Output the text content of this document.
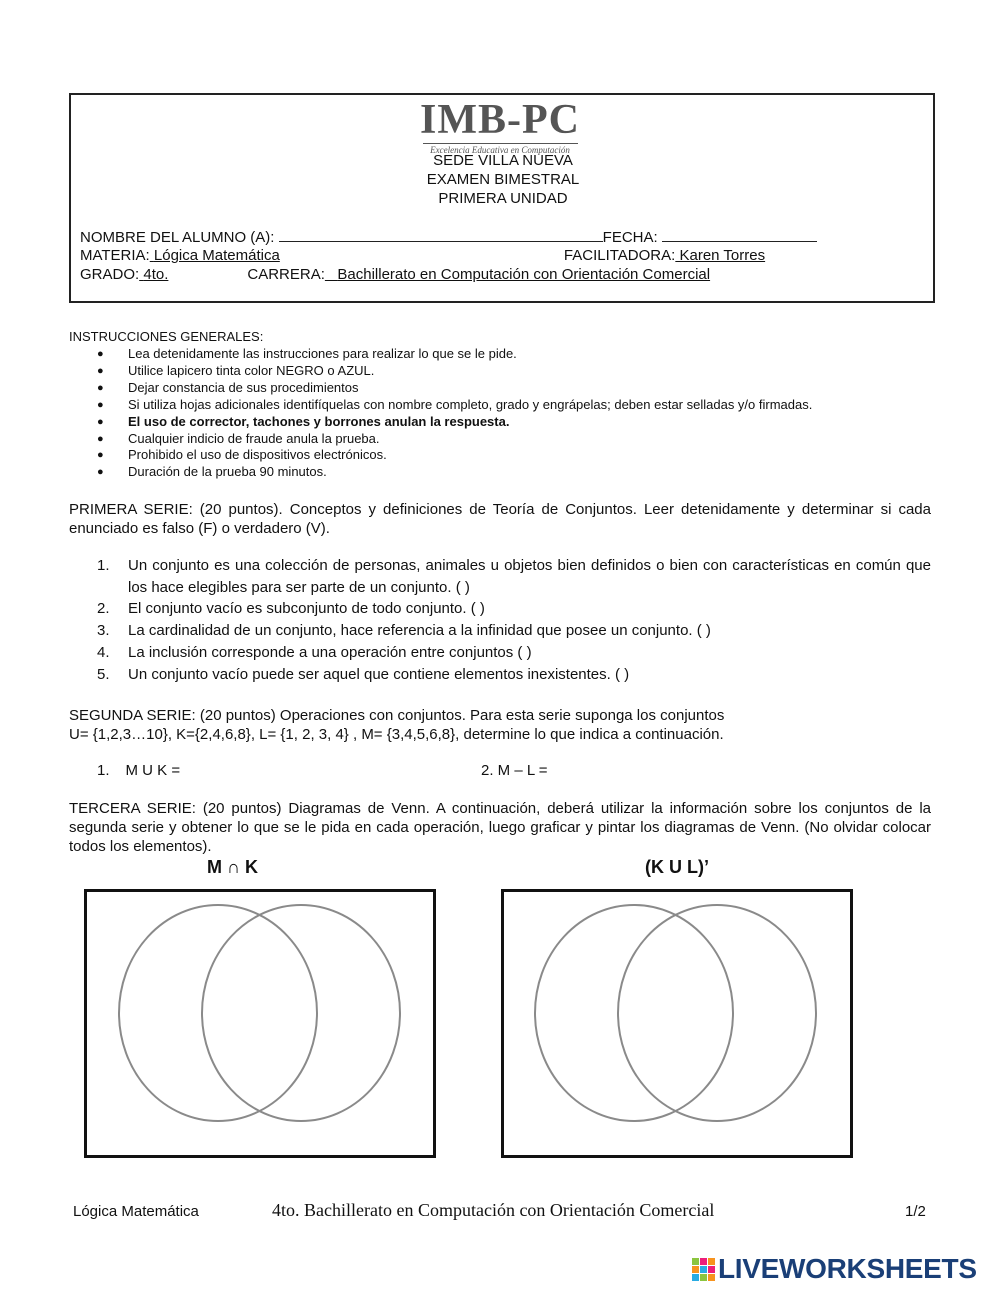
IMB-PC
Excelencia Educativa en Computación
SEDE VILLA NUEVA
EXAMEN BIMESTRAL
PRIMERA UNIDAD
NOMBRE DEL ALUMNO (A):	FECHA:
MATERIA: Lógica Matemática	FACILITADORA: Karen Torres
GRADO: 4to.	CARRERA: Bachillerato en Computación con Orientación Comercial
INSTRUCCIONES GENERALES:
● Lea detenidamente las instrucciones para realizar lo que se le pide.
● Utilice lapicero tinta color NEGRO o AZUL.
● Dejar constancia de sus procedimientos
● Si utiliza hojas adicionales identifíquelas con nombre completo, grado y engrápelas; deben estar selladas y/o firmadas.
● El uso de corrector, tachones y borrones anulan la respuesta.
● Cualquier indicio de fraude anula la prueba.
● Prohibido el uso de dispositivos electrónicos.
● Duración de la prueba 90 minutos.
PRIMERA SERIE: (20 puntos). Conceptos y definiciones de Teoría de Conjuntos. Leer detenidamente y determinar si cada enunciado es falso (F) o verdadero (V).
1. Un conjunto es una colección de personas, animales u objetos bien definidos o bien con características en común que los hace elegibles para ser parte de un conjunto. ( )
2. El conjunto vacío es subconjunto de todo conjunto. ( )
3. La cardinalidad de un conjunto, hace referencia a la infinidad que posee un conjunto. ( )
4. La inclusión corresponde a una operación entre conjuntos ( )
5. Un conjunto vacío puede ser aquel que contiene elementos inexistentes. ( )
SEGUNDA SERIE: (20 puntos) Operaciones con conjuntos. Para esta serie suponga los conjuntos
U= {1,2,3…10}, K={2,4,6,8}, L= {1, 2, 3, 4} , M= {3,4,5,6,8}, determine lo que indica a continuación.
1. M U K =	2. M – L =
TERCERA SERIE: (20 puntos) Diagramas de Venn. A continuación, deberá utilizar la información sobre los conjuntos de la segunda serie y obtener lo que se le pida en cada operación, luego graficar y pintar los diagramas de Venn. (No olvidar colocar todos los elementos).
M ∩ K	(K U L)’
Lógica Matemática	4to. Bachillerato en Computación con Orientación Comercial	1/2
LIVEWORKSHEETS
